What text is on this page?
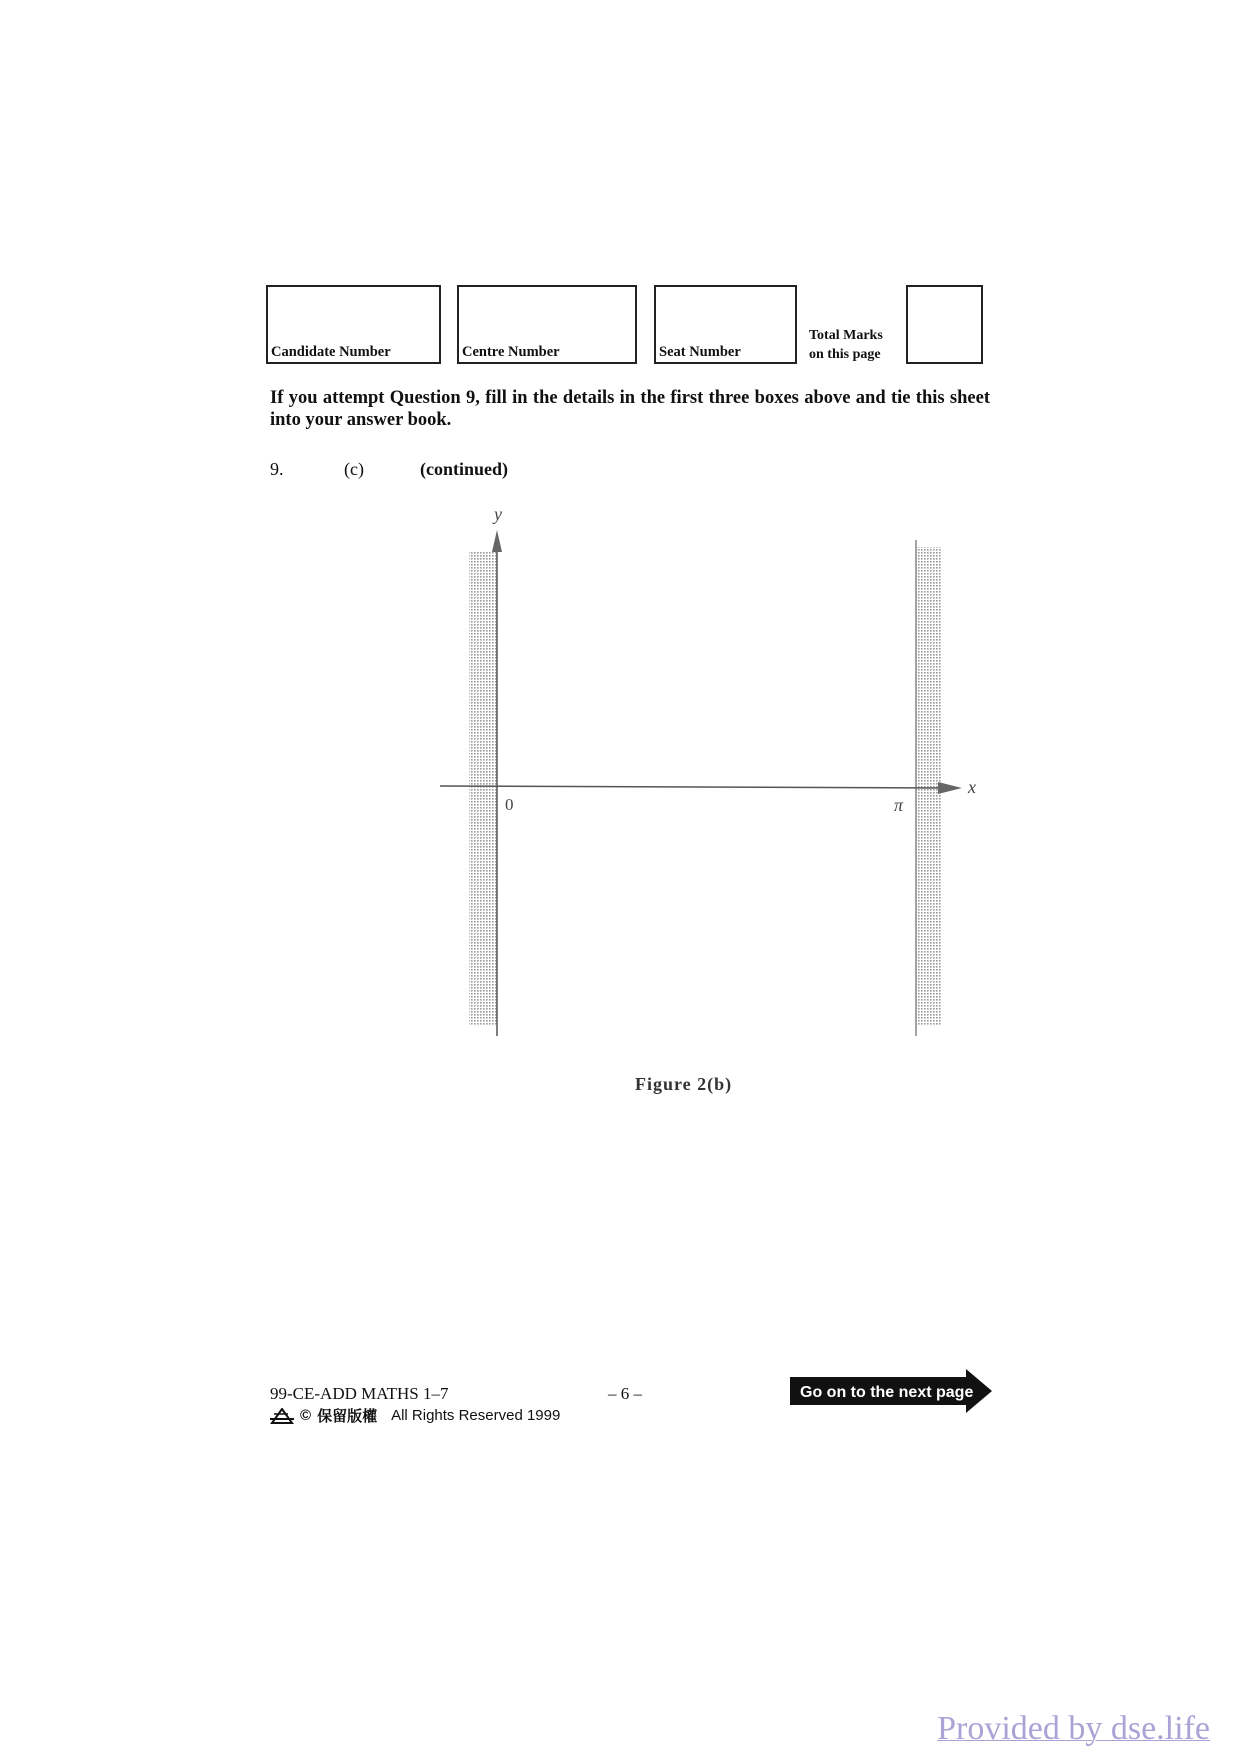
Candidate Number	Centre Number	Seat Number
Total Marks
on this page
If you attempt Question 9, fill in the details in the first three boxes above and tie this sheet into your answer book.
9.	(c)	(continued)
y
x
0	π
Figure 2(b)
99-CE-ADD MATHS 1–7	– 6 –
© 保留版權 All Rights Reserved 1999
Go on to the next page
Provided by dse.life
